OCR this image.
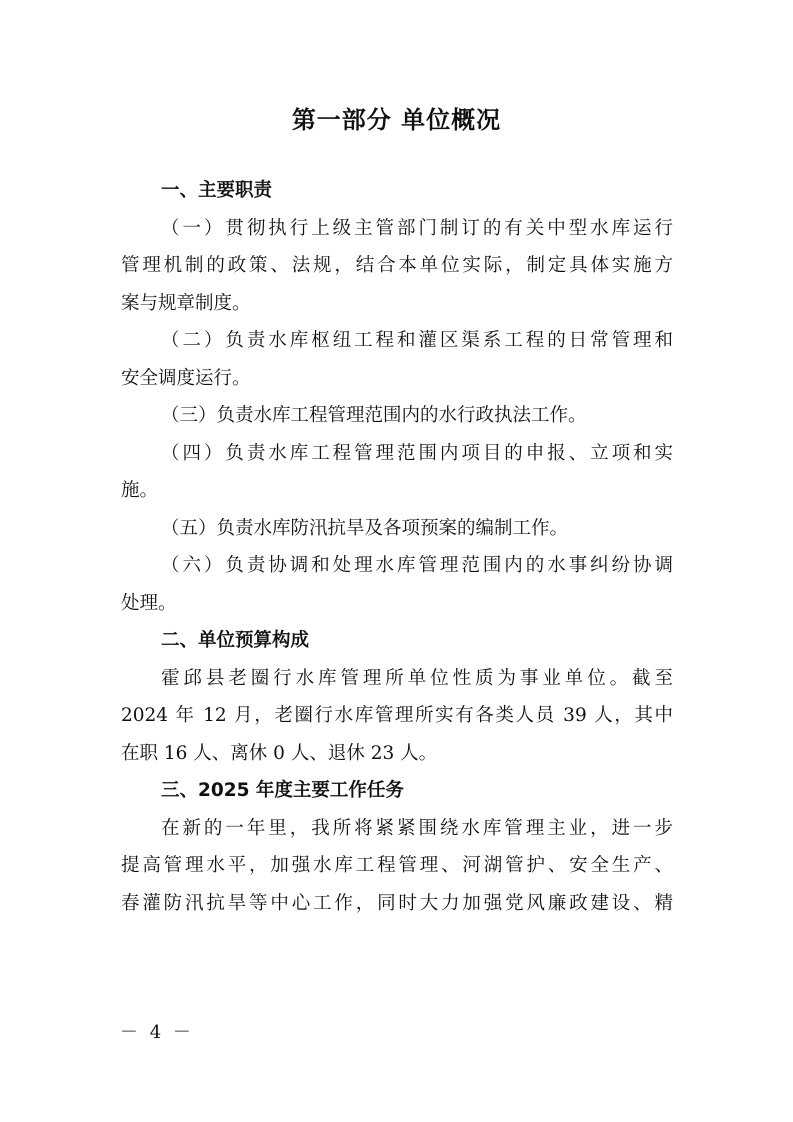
第一部分 单位概况
一、主要职责
（一）贯彻执行上级主管部门制订的有关中型水库运行
管理机制的政策、法规，结合本单位实际，制定具体实施方
案与规章制度。
（二）负责水库枢纽工程和灌区渠系工程的日常管理和
安全调度运行。
（三）负责水库工程管理范围内的水行政执法工作。
（四）负责水库工程管理范围内项目的申报、立项和实
施。
（五）负责水库防汛抗旱及各项预案的编制工作。
（六）负责协调和处理水库管理范围内的水事纠纷协调
处理。
二、单位预算构成
霍邱县老圈行水库管理所单位性质为事业单位。截至
2024 年 12 月，老圈行水库管理所实有各类人员 39 人，其中
在职 16 人、离休 0 人、退休 23 人。
三、2025 年度主要工作任务
在新的一年里，我所将紧紧围绕水库管理主业，进一步
提高管理水平，加强水库工程管理、河湖管护、安全生产、
春灌防汛抗旱等中心工作，同时大力加强党风廉政建设、精
－ 4 －
